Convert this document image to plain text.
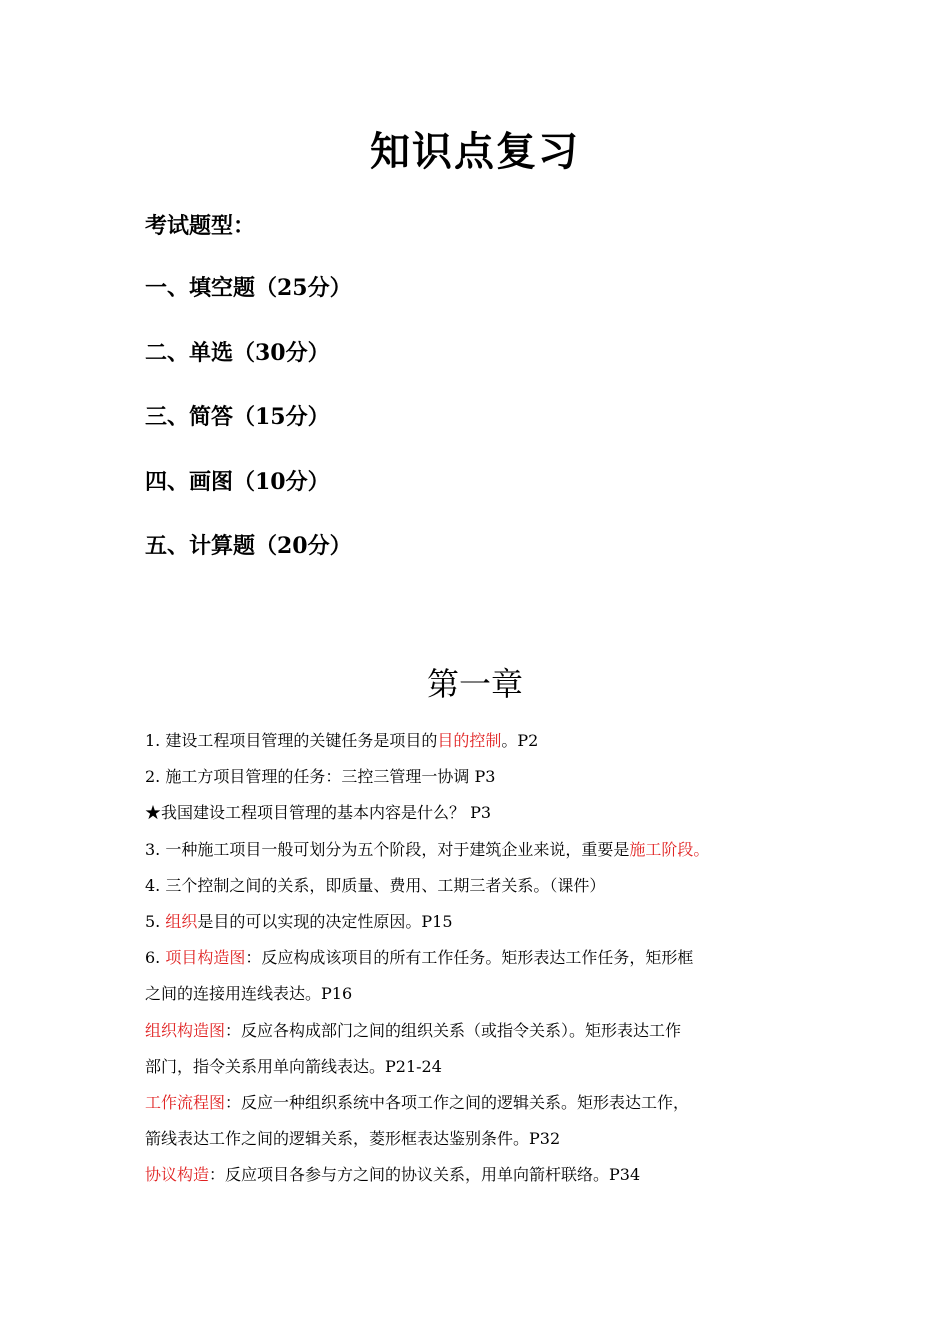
知识点复习
考试题型：
一、填空题（25分）
二、单选（30分）
三、简答（15分）
四、画图（10分）
五、计算题（20分）
第一章
1. 建设工程项目管理的关键任务是项目的目的控制。P2
2. 施工方项目管理的任务：三控三管理一协调 P3
★我国建设工程项目管理的基本内容是什么？ P3
3. 一种施工项目一般可划分为五个阶段，对于建筑企业来说，重要是施工阶段。
4. 三个控制之间的关系，即质量、费用、工期三者关系。（课件）
5. 组织是目的可以实现的决定性原因。P15
6. 项目构造图：反应构成该项目的所有工作任务。矩形表达工作任务，矩形框
之间的连接用连线表达。P16
组织构造图：反应各构成部门之间的组织关系（或指令关系）。矩形表达工作
部门，指令关系用单向箭线表达。P21-24
工作流程图：反应一种组织系统中各项工作之间的逻辑关系。矩形表达工作，
箭线表达工作之间的逻辑关系，菱形框表达鉴别条件。P32
协议构造：反应项目各参与方之间的协议关系，用单向箭杆联络。P34
